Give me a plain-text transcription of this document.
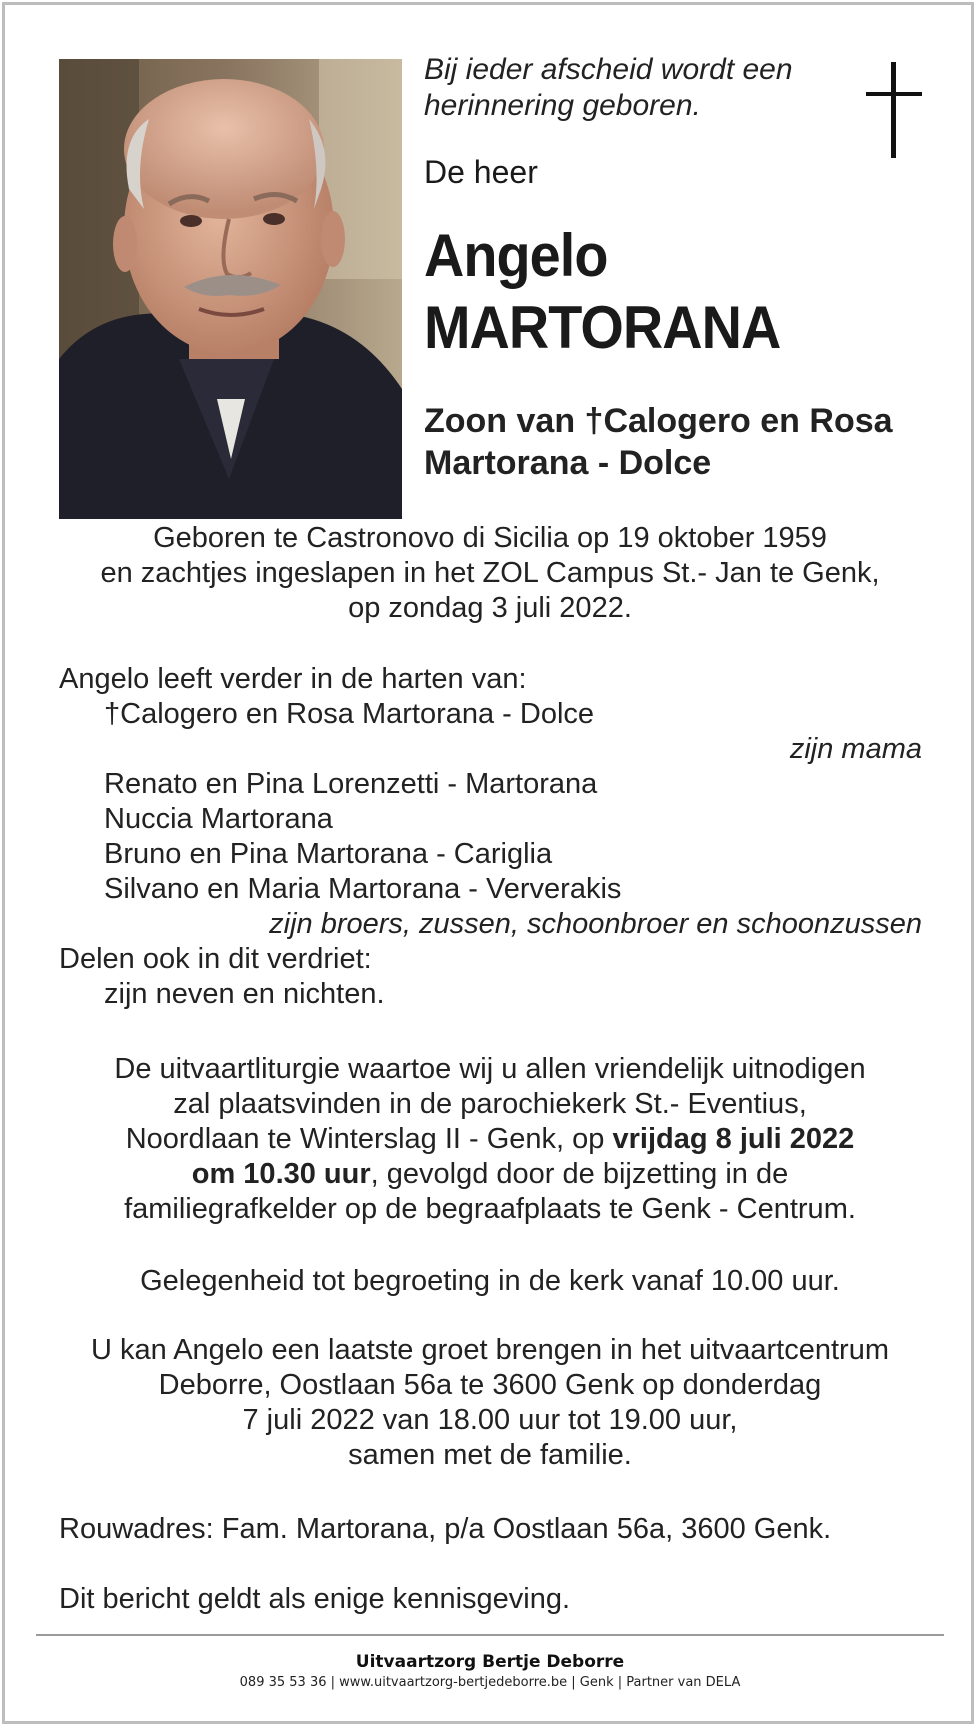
Bij ieder afscheid wordt een
herinnering geboren.
De heer
Angelo
MARTORANA
Zoon van †Calogero en Rosa
Martorana - Dolce
Geboren te Castronovo di Sicilia op 19 oktober 1959
en zachtjes ingeslapen in het ZOL Campus St.- Jan te Genk,
op zondag 3 juli 2022.
Angelo leeft verder in de harten van:
†Calogero en Rosa Martorana - Dolce
zijn mama
Renato en Pina Lorenzetti - Martorana
Nuccia Martorana
Bruno en Pina Martorana - Cariglia
Silvano en Maria Martorana - Ververakis
zijn broers, zussen, schoonbroer en schoonzussen
Delen ook in dit verdriet:
zijn neven en nichten.
De uitvaartliturgie waartoe wij u allen vriendelijk uitnodigen
zal plaatsvinden in de parochiekerk St.- Eventius,
Noordlaan te Winterslag II - Genk, op vrijdag 8 juli 2022
om 10.30 uur, gevolgd door de bijzetting in de
familiegrafkelder op de begraafplaats te Genk - Centrum.
Gelegenheid tot begroeting in de kerk vanaf 10.00 uur.
U kan Angelo een laatste groet brengen in het uitvaartcentrum
Deborre, Oostlaan 56a te 3600 Genk op donderdag
7 juli 2022 van 18.00 uur tot 19.00 uur,
samen met de familie.
Rouwadres: Fam. Martorana, p/a Oostlaan 56a, 3600 Genk.
Dit bericht geldt als enige kennisgeving.
Uitvaartzorg Bertje Deborre
089 35 53 36 | www.uitvaartzorg-bertjedeborre.be | Genk | Partner van DELA
